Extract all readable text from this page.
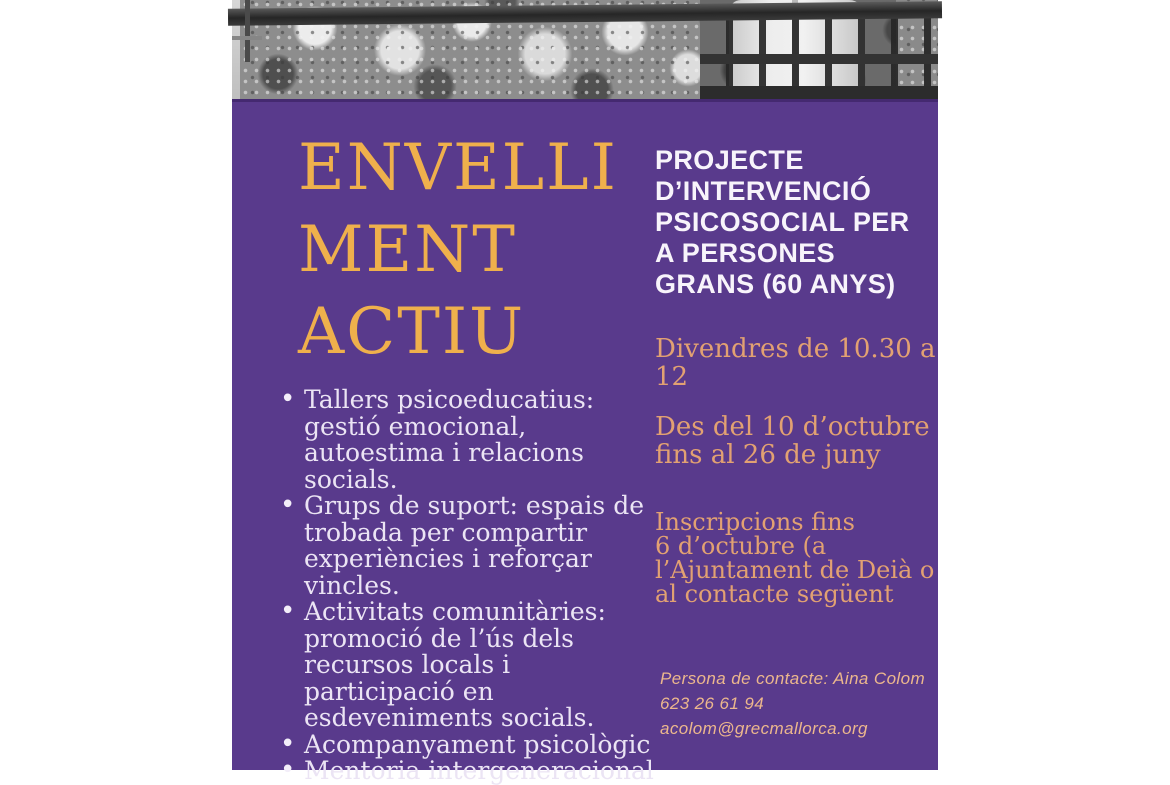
ENVELLI
MENT
ACTIU
• Tallers psicoeducatius: gestió emocional, autoestima i relacions socials.
• Grups de suport: espais de trobada per compartir experiències i reforçar vincles.
• Activitats comunitàries: promoció de l’ús dels recursos locals i participació en esdeveniments socials.
• Acompanyament psicològic
• Mentoria intergeneracional
PROJECTE
D’INTERVENCIÓ
PSICOSOCIAL PER
A PERSONES
GRANS (60 ANYS)
Divendres de 10.30 a
12
Des del 10 d’octubre
fins al 26 de juny
Inscripcions fins
6 d’octubre (a
l’Ajuntament de Deià o
al contacte següent
Persona de contacte: Aina Colom
623 26 61 94
acolom@grecmallorca.org
